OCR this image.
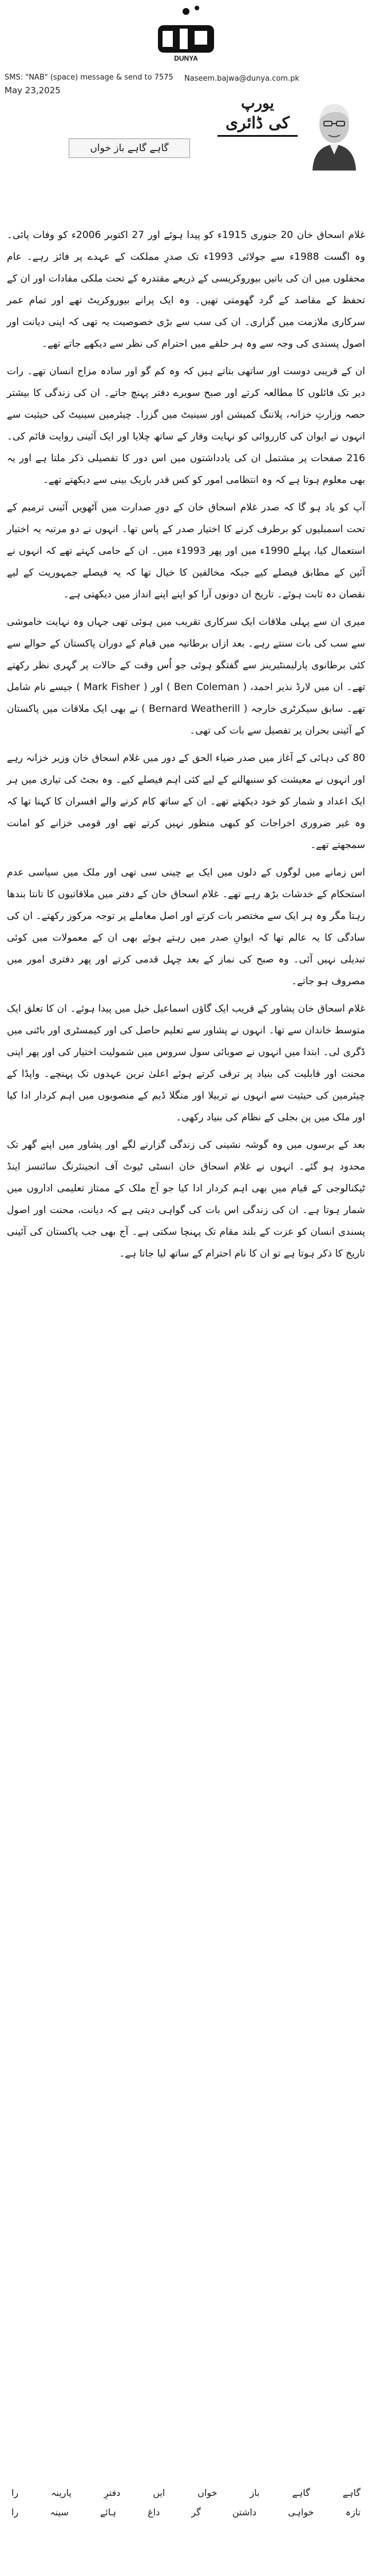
DUNYA
SMS: "NAB" (space) message & send to 7575
May 23,2025
Naseem.bajwa@dunya.com.pk
گاہے گاہے باز خواں
یورپ
کی ڈائری

غلام اسحاق خان 20 جنوری 1915ء کو پیدا ہوئے اور 27 اکتوبر 2006ء کو وفات پائی۔ وہ اگست 1988ء سے جولائی 1993ء تک صدرِ مملکت کے عہدے پر فائز رہے۔ عام محفلوں میں ان کی باتیں بیوروکریسی کے ذریعے مقتدرہ کے تحت ملکی مفادات اور ان کے تحفظ کے مقاصد کے گرد گھومتی تھیں۔ وہ ایک پرانے بیوروکریٹ تھے اور تمام عمر سرکاری ملازمت میں گزاری۔ ان کی سب سے بڑی خصوصیت یہ تھی کہ اپنی دیانت اور اصول پسندی کی وجہ سے وہ ہر حلقے میں احترام کی نظر سے دیکھے جاتے تھے۔

ان کے قریبی دوست اور ساتھی بتاتے ہیں کہ وہ کم گو اور سادہ مزاج انسان تھے۔ رات دیر تک فائلوں کا مطالعہ کرتے اور صبح سویرے دفتر پہنچ جاتے۔ ان کی زندگی کا بیشتر حصہ وزارتِ خزانہ، پلاننگ کمیشن اور سینیٹ میں گزرا۔ چیئرمین سینیٹ کی حیثیت سے انہوں نے ایوان کی کارروائی کو نہایت وقار کے ساتھ چلایا اور ایک آئینی روایت قائم کی۔ 216 صفحات پر مشتمل ان کی یادداشتوں میں اس دور کا تفصیلی ذکر ملتا ہے اور یہ بھی معلوم ہوتا ہے کہ وہ انتظامی امور کو کس قدر باریک بینی سے دیکھتے تھے۔

آپ کو یاد ہو گا کہ صدر غلام اسحاق خان کے دورِ صدارت میں آٹھویں آئینی ترمیم کے تحت اسمبلیوں کو برطرف کرنے کا اختیار صدر کے پاس تھا۔ انہوں نے دو مرتبہ یہ اختیار استعمال کیا، پہلے 1990ء میں اور پھر 1993ء میں۔ ان کے حامی کہتے تھے کہ انہوں نے آئین کے مطابق فیصلے کیے جبکہ مخالفین کا خیال تھا کہ یہ فیصلے جمہوریت کے لیے نقصان دہ ثابت ہوئے۔ تاریخ ان دونوں آرا کو اپنے اپنے انداز میں دیکھتی ہے۔

میری ان سے پہلی ملاقات ایک سرکاری تقریب میں ہوئی تھی جہاں وہ نہایت خاموشی سے سب کی بات سنتے رہے۔ بعد ازاں برطانیہ میں قیام کے دوران پاکستان کے حوالے سے کئی برطانوی پارلیمنٹیرینز سے گفتگو ہوئی جو اُس وقت کے حالات پر گہری نظر رکھتے تھے۔ ان میں لارڈ نذیر احمد، ( Ben Coleman ) اور ( Mark Fisher ) جیسے نام شامل تھے۔ سابق سیکرٹری خارجہ ( Bernard Weatherill ) نے بھی ایک ملاقات میں پاکستان کے آئینی بحران پر تفصیل سے بات کی تھی۔

80 کی دہائی کے آغاز میں صدر ضیاء الحق کے دور میں غلام اسحاق خان وزیر خزانہ رہے اور انہوں نے معیشت کو سنبھالنے کے لیے کئی اہم فیصلے کیے۔ وہ بجٹ کی تیاری میں ہر ایک اعداد و شمار کو خود دیکھتے تھے۔ ان کے ساتھ کام کرنے والے افسران کا کہنا تھا کہ وہ غیر ضروری اخراجات کو کبھی منظور نہیں کرتے تھے اور قومی خزانے کو امانت سمجھتے تھے۔

اس زمانے میں لوگوں کے دلوں میں ایک بے چینی سی تھی اور ملک میں سیاسی عدم استحکام کے خدشات بڑھ رہے تھے۔ غلام اسحاق خان کے دفتر میں ملاقاتیوں کا تانتا بندھا رہتا مگر وہ ہر ایک سے مختصر بات کرتے اور اصل معاملے پر توجہ مرکوز رکھتے۔ ان کی سادگی کا یہ عالم تھا کہ ایوانِ صدر میں رہتے ہوئے بھی ان کے معمولات میں کوئی تبدیلی نہیں آئی۔ وہ صبح کی نماز کے بعد چہل قدمی کرتے اور پھر دفتری امور میں مصروف ہو جاتے۔

غلام اسحاق خان پشاور کے قریب ایک گاؤں اسماعیل خیل میں پیدا ہوئے۔ ان کا تعلق ایک متوسط خاندان سے تھا۔ انہوں نے پشاور سے تعلیم حاصل کی اور کیمسٹری اور باٹنی میں ڈگری لی۔ ابتدا میں انہوں نے صوبائی سول سروس میں شمولیت اختیار کی اور پھر اپنی محنت اور قابلیت کی بنیاد پر ترقی کرتے ہوئے اعلیٰ ترین عہدوں تک پہنچے۔ واپڈا کے چیئرمین کی حیثیت سے انہوں نے تربیلا اور منگلا ڈیم کے منصوبوں میں اہم کردار ادا کیا اور ملک میں پن بجلی کے نظام کی بنیاد رکھی۔

بعد کے برسوں میں وہ گوشہ نشینی کی زندگی گزارنے لگے اور پشاور میں اپنے گھر تک محدود ہو گئے۔ انہوں نے غلام اسحاق خان انسٹی ٹیوٹ آف انجینئرنگ سائنسز اینڈ ٹیکنالوجی کے قیام میں بھی اہم کردار ادا کیا جو آج ملک کے ممتاز تعلیمی اداروں میں شمار ہوتا ہے۔ ان کی زندگی اس بات کی گواہی دیتی ہے کہ دیانت، محنت اور اصول پسندی انسان کو عزت کے بلند مقام تک پہنچا سکتی ہے۔ آج بھی جب پاکستان کی آئینی تاریخ کا ذکر ہوتا ہے تو ان کا نام احترام کے ساتھ لیا جاتا ہے۔

گاہے
گاہے
باز
خواں
ایں
دفترِ
پارینہ
را
تازہ
خواہی
داشتن
گر
داغ
ہائے
سینہ
را
